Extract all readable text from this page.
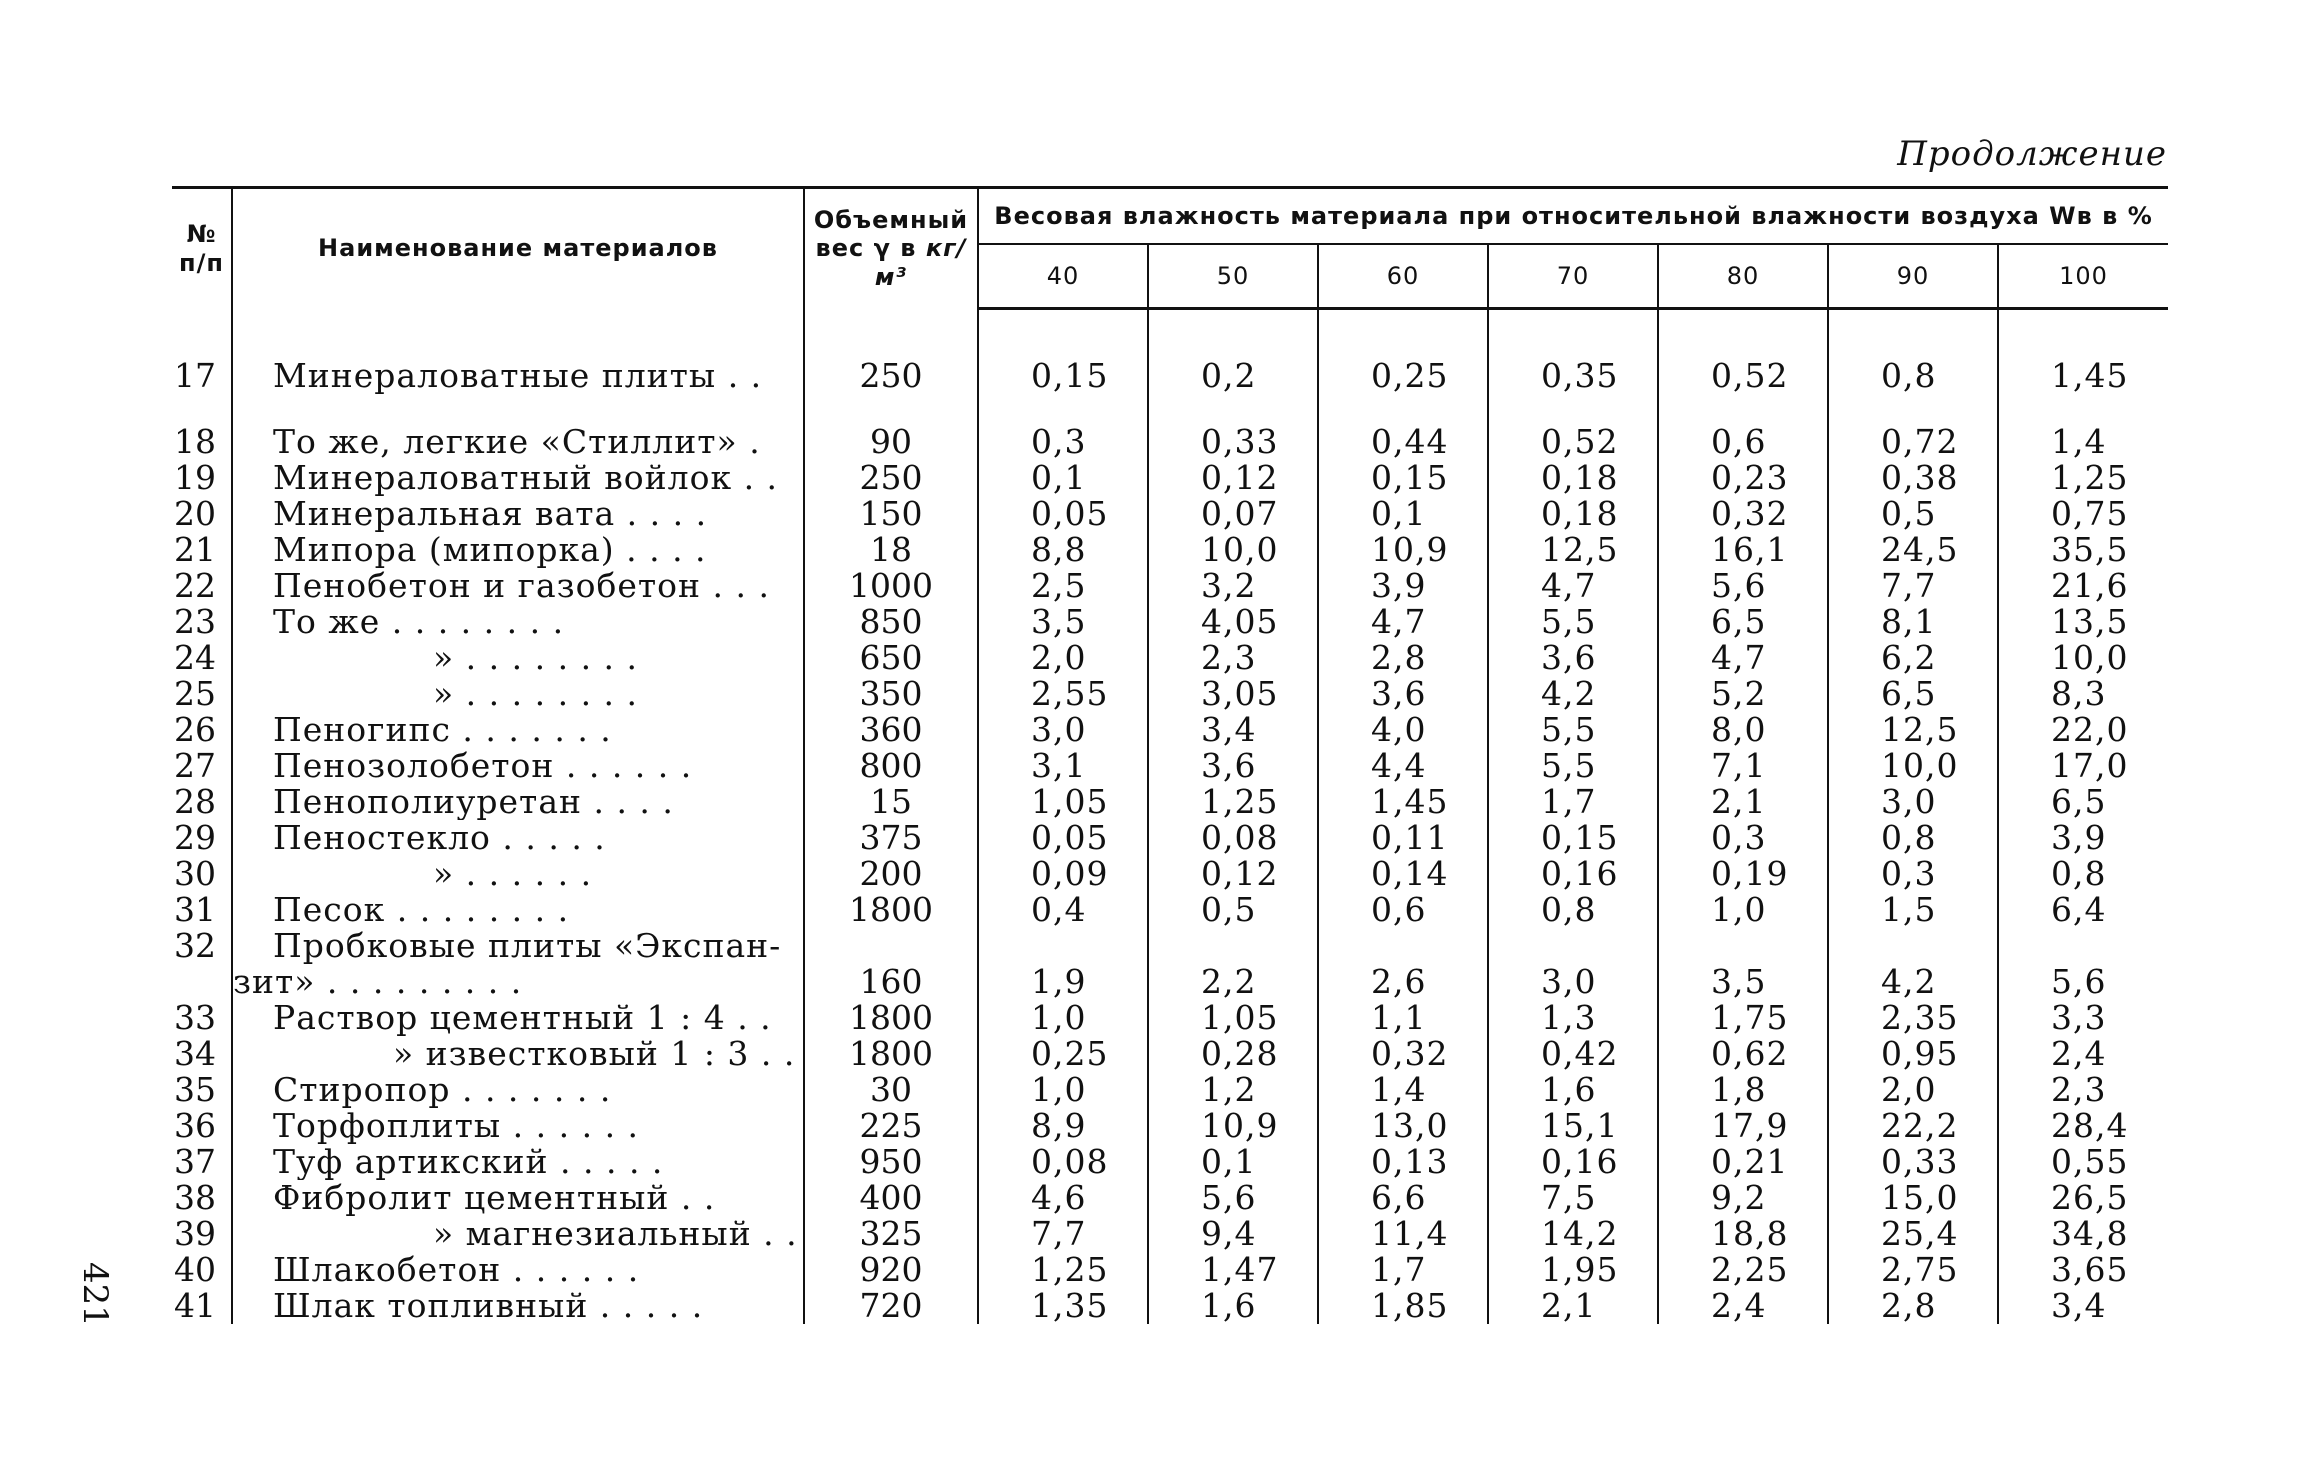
Продолжение
421
№ п/п	Наименование материалов	Объемный вес γ в кг/м³	Весовая влажность материала при относительной влажности воздуха Wв в %						
			40	50	60	70	80	90	100

17	Минераловатные плиты . .	250	0,15	0,2	0,25	0,35	0,52	0,8	1,45

18	То же, легкие «Стиллит» .	90	0,3	0,33	0,44	0,52	0,6	0,72	1,4
19	Минераловатный войлок . .	250	0,1	0,12	0,15	0,18	0,23	0,38	1,25
20	Минеральная вата . . . .	150	0,05	0,07	0,1	0,18	0,32	0,5	0,75
21	Мипора (мипорка) . . . .	18	8,8	10,0	10,9	12,5	16,1	24,5	35,5
22	Пенобетон и газобетон . . .	1000	2,5	3,2	3,9	4,7	5,6	7,7	21,6
23	То же . . . . . . . .	850	3,5	4,05	4,7	5,5	6,5	8,1	13,5
24	» . . . . . . . .	650	2,0	2,3	2,8	3,6	4,7	6,2	10,0
25	» . . . . . . . .	350	2,55	3,05	3,6	4,2	5,2	6,5	8,3
26	Пеногипс . . . . . . .	360	3,0	3,4	4,0	5,5	8,0	12,5	22,0
27	Пенозолобетон . . . . . .	800	3,1	3,6	4,4	5,5	7,1	10,0	17,0
28	Пенополиуретан . . . .	15	1,05	1,25	1,45	1,7	2,1	3,0	6,5
29	Пеностекло . . . . .	375	0,05	0,08	0,11	0,15	0,3	0,8	3,9
30	» . . . . . .	200	0,09	0,12	0,14	0,16	0,19	0,3	0,8
31	Песок . . . . . . . .	1800	0,4	0,5	0,6	0,8	1,0	1,5	6,4
32	Пробковые плиты «Экспан-								
	зит» . . . . . . . . .	160	1,9	2,2	2,6	3,0	3,5	4,2	5,6
33	Раствор цементный 1 : 4 . .	1800	1,0	1,05	1,1	1,3	1,75	2,35	3,3
34	» известковый 1 : 3 . .	1800	0,25	0,28	0,32	0,42	0,62	0,95	2,4
35	Стиропор . . . . . . .	30	1,0	1,2	1,4	1,6	1,8	2,0	2,3
36	Торфоплиты . . . . . .	225	8,9	10,9	13,0	15,1	17,9	22,2	28,4
37	Туф артикский . . . . .	950	0,08	0,1	0,13	0,16	0,21	0,33	0,55
38	Фибролит цементный . .	400	4,6	5,6	6,6	7,5	9,2	15,0	26,5
39	» магнезиальный . .	325	7,7	9,4	11,4	14,2	18,8	25,4	34,8
40	Шлакобетон . . . . . .	920	1,25	1,47	1,7	1,95	2,25	2,75	3,65
41	Шлак топливный . . . . .	720	1,35	1,6	1,85	2,1	2,4	2,8	3,4
